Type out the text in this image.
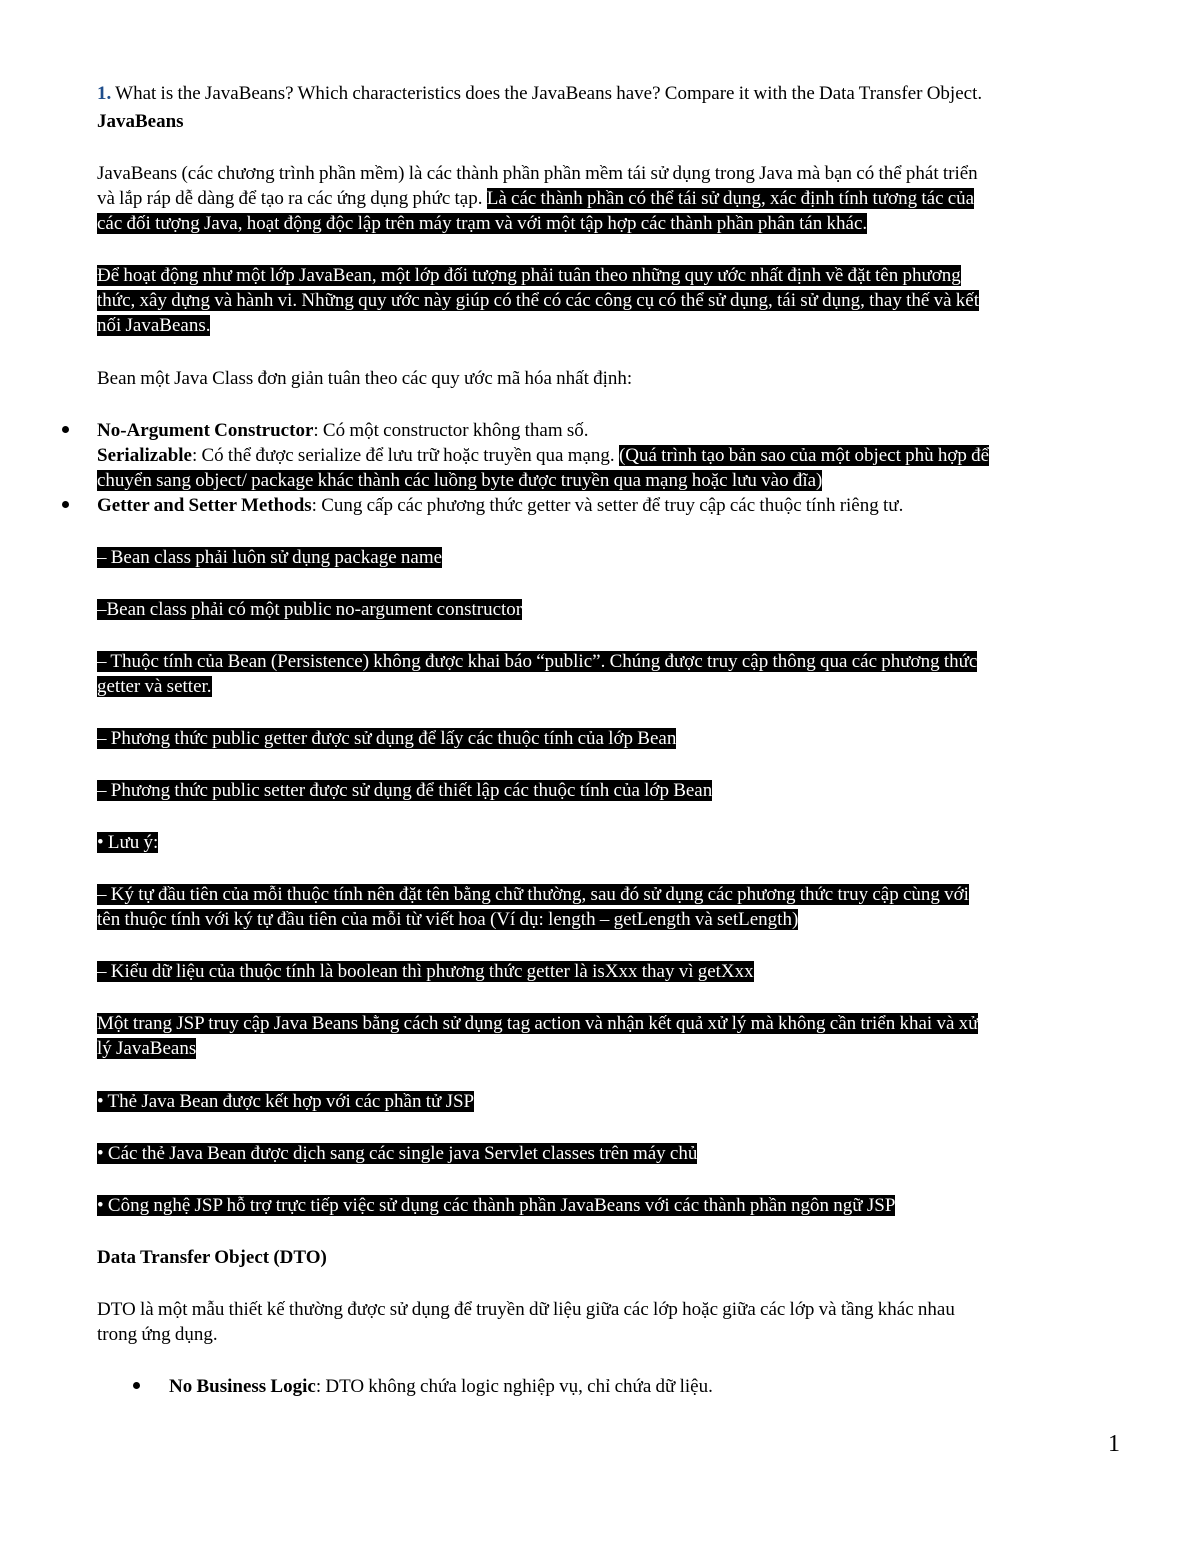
1. What is the JavaBeans? Which characteristics does the JavaBeans have? Compare it with the Data Transfer Object.

JavaBeans

JavaBeans (các chương trình phần mềm) là các thành phần phần mềm tái sử dụng trong Java mà bạn có thể phát triển

và lắp ráp dễ dàng để tạo ra các ứng dụng phức tạp. Là các thành phần có thể tái sử dụng, xác định tính tương tác của

các đối tượng Java, hoạt động độc lập trên máy trạm và với một tập hợp các thành phần phân tán khác.

Để hoạt động như một lớp JavaBean, một lớp đối tượng phải tuân theo những quy ước nhất định về đặt tên phương

thức, xây dựng và hành vi. Những quy ước này giúp có thể có các công cụ có thể sử dụng, tái sử dụng, thay thế và kết

nối JavaBeans.

Bean một Java Class đơn giản tuân theo các quy ước mã hóa nhất định:

No-Argument Constructor: Có một constructor không tham số.

Serializable: Có thể được serialize để lưu trữ hoặc truyền qua mạng. (Quá trình tạo bản sao của một object phù hợp để

chuyển sang object/ package khác thành các luồng byte được truyền qua mạng hoặc lưu vào đĩa)

Getter and Setter Methods: Cung cấp các phương thức getter và setter để truy cập các thuộc tính riêng tư.

– Bean class phải luôn sử dụng package name

–Bean class phải có một public no-argument constructor

– Thuộc tính của Bean (Persistence) không được khai báo “public”. Chúng được truy cập thông qua các phương thức

getter và setter.

– Phương thức public getter được sử dụng để lấy các thuộc tính của lớp Bean

– Phương thức public setter được sử dụng để thiết lập các thuộc tính của lớp Bean

• Lưu ý:

– Ký tự đầu tiên của mỗi thuộc tính nên đặt tên bằng chữ thường, sau đó sử dụng các phương thức truy cập cùng với

tên thuộc tính với ký tự đầu tiên của mỗi từ viết hoa (Ví dụ: length – getLength và setLength)

– Kiểu dữ liệu của thuộc tính là boolean thì phương thức getter là isXxx thay vì getXxx

Một trang JSP truy cập Java Beans bằng cách sử dụng tag action và nhận kết quả xử lý mà không cần triển khai và xử

lý JavaBeans

• Thẻ Java Bean được kết hợp với các phần tử JSP

• Các thẻ Java Bean được dịch sang các single java Servlet classes trên máy chủ

• Công nghệ JSP hỗ trợ trực tiếp việc sử dụng các thành phần JavaBeans với các thành phần ngôn ngữ JSP

Data Transfer Object (DTO)

DTO là một mẫu thiết kế thường được sử dụng để truyền dữ liệu giữa các lớp hoặc giữa các lớp và tầng khác nhau

trong ứng dụng.

No Business Logic: DTO không chứa logic nghiệp vụ, chỉ chứa dữ liệu.

1
